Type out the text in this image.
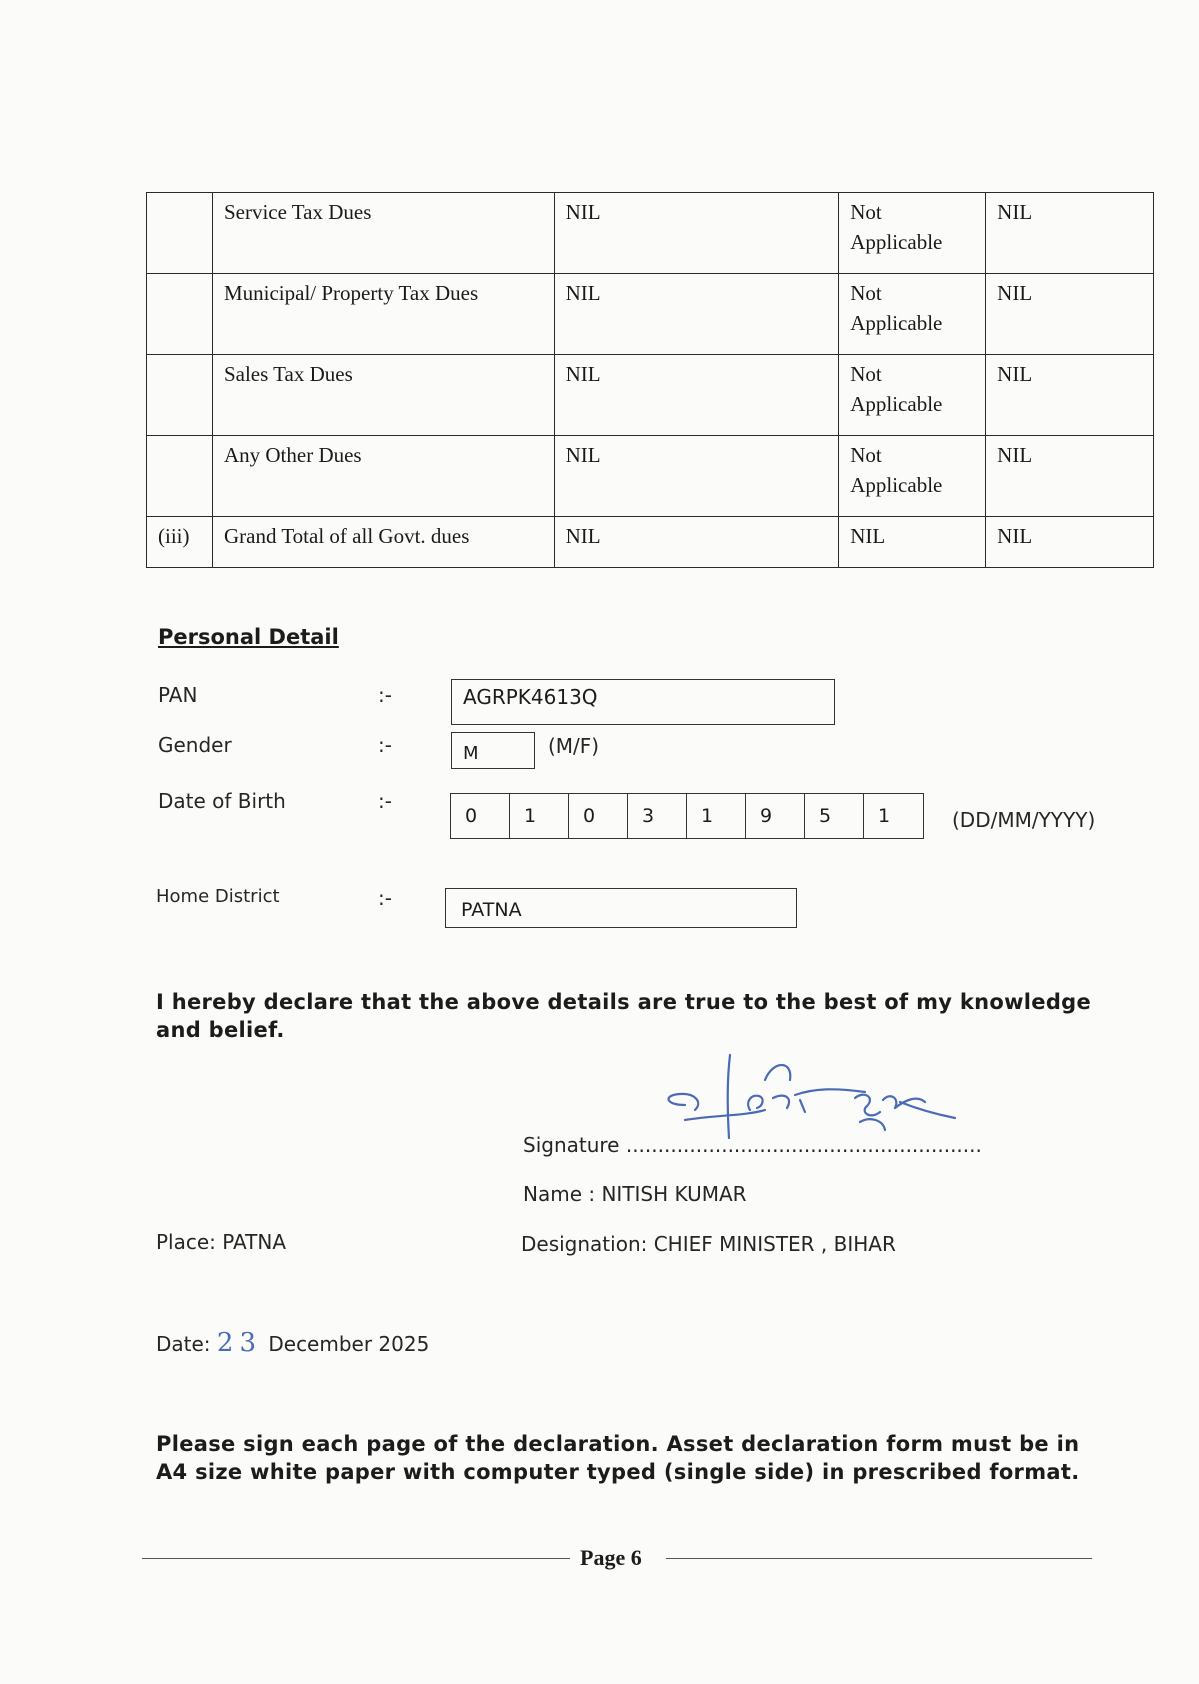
	Service Tax Dues	NIL	Not Applicable	NIL
	Municipal/ Property Tax Dues	NIL	Not Applicable	NIL
	Sales Tax Dues	NIL	Not Applicable	NIL
	Any Other Dues	NIL	Not Applicable	NIL
(iii)	Grand Total of all Govt. dues	NIL	NIL	NIL
Personal Detail
PAN	:-	AGRPK4613Q
Gender	:-	M	(M/F)
Date of Birth	:-
0	1	0	3	1	9	5	1	(DD/MM/YYYY)
Home District	:-	PATNA
I hereby declare that the above details are true to the best of my knowledge and belief.
Signature ........................................................
Name : NITISH KUMAR
Place: PATNA	Designation: CHIEF MINISTER , BIHAR
Date: 23 December 2025
Please sign each page of the declaration. Asset declaration form must be in A4 size white paper with computer typed (single side) in prescribed format.
Page 6
